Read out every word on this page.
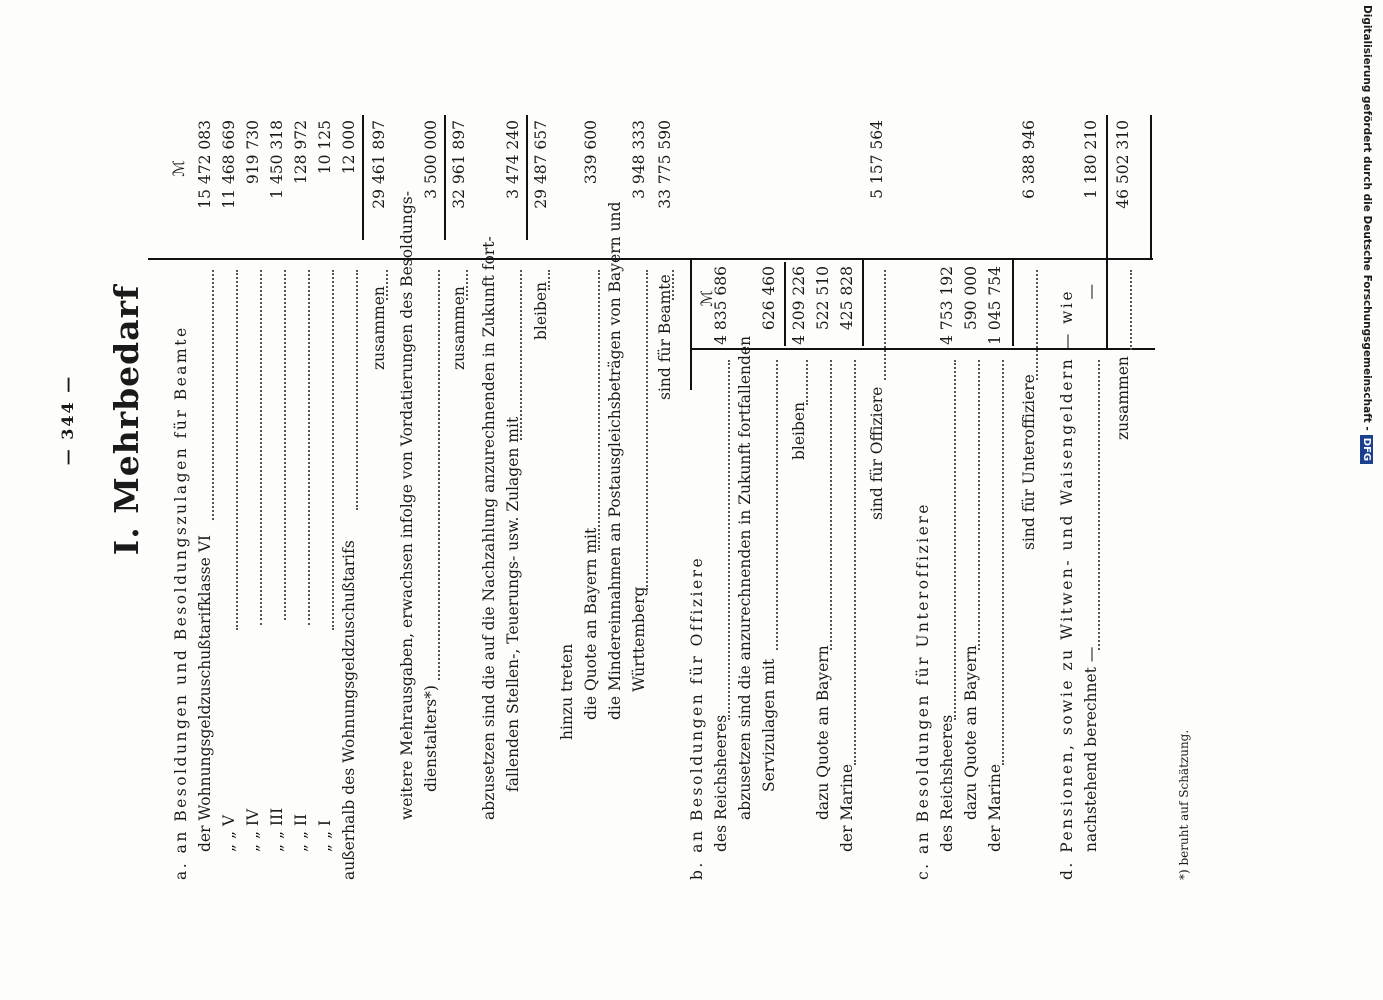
Digitalisierung gefördert durch die Deutsche Forschungsgemeinschaft -DFG
— 344 — I. Mehrbedarf	ℳ
ℳ
a. an Besoldungen und Besoldungszulagen für Beamte der Wohnungsgeldzuschußtarifklasse VI
15 472 083
„ „ V
11 468 669
„ „ IV
919 730
„ „ III
1 450 318
„ „ II
128 972
„ „ I
10 125
außerhalb des Wohnungsgeldzuschußtarifs
12 000
zusammen
29 461 897
weitere Mehrausgaben, erwachsen infolge von Vordatierungen des Besoldungs- dienstalters*)
3 500 000
zusammen
32 961 897
abzusetzen sind die auf die Nachzahlung anzurechnenden in Zukunft fort- fallenden Stellen-, Teuerungs- usw. Zulagen mit
3 474 240
bleiben
29 487 657
hinzu treten die Quote an Bayern mit
339 600
die Mindereinnahmen an Postausgleichsbeträgen von Bayern und Württemberg
3 948 333
sind für Beamte
33 775 590
b. an Besoldungen für Offiziere des Reichsheeres
4 835 686
abzusetzen sind die anzurechnenden in Zukunft fortfallenden Servizulagen mit
626 460
bleiben
4 209 226
dazu Quote an Bayern
522 510
der Marine
425 828
sind für Offiziere
5 157 564
c. an Besoldungen für Unteroffiziere des Reichsheeres
4 753 192
dazu Quote an Bayern
590 000
der Marine
1 045 754
sind für Unteroffiziere
6 388 946
d. Pensionen, sowie zu Witwen- und Waisengeldern — wie nachstehend berechnet —
—
1 180 210
zusammen
46 502 310
*) beruht auf Schätzung.
